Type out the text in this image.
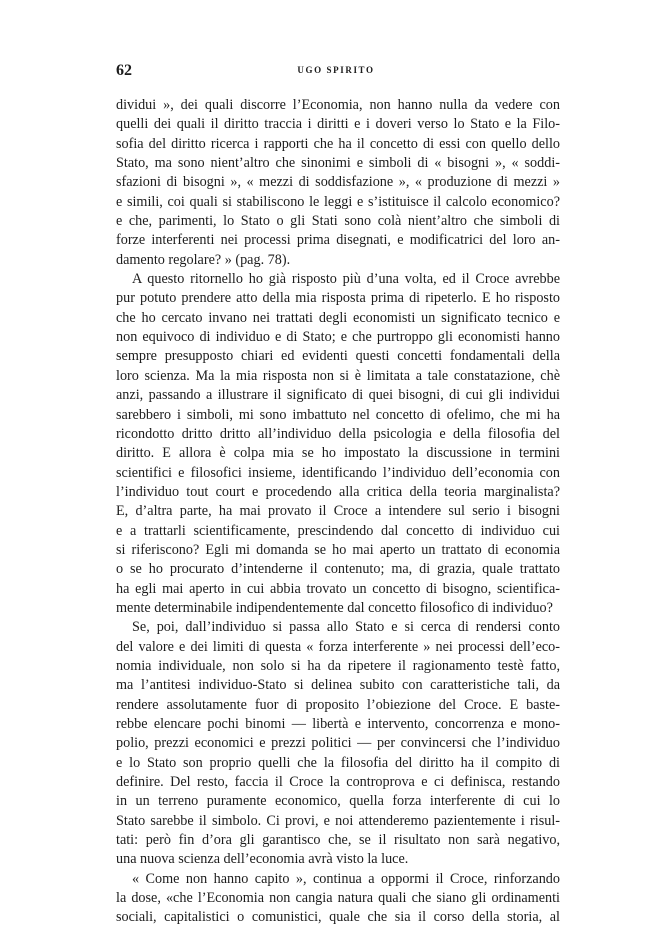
62	UGO SPIRITO
dividui », dei quali discorre l’Economia, non hanno nulla da vedere con
quelli dei quali il diritto traccia i diritti e i doveri verso lo Stato e la Filo-
sofia del diritto ricerca i rapporti che ha il concetto di essi con quello dello
Stato, ma sono nient’altro che sinonimi e simboli di « bisogni », « soddi-
sfazioni di bisogni », « mezzi di soddisfazione », « produzione di mezzi »
e simili, coi quali si stabiliscono le leggi e s’istituisce il calcolo economico?
e che, parimenti, lo Stato o gli Stati sono colà nient’altro che simboli di
forze interferenti nei processi prima disegnati, e modificatrici del loro an-
damento regolare? » (pag. 78).
A questo ritornello ho già risposto più d’una volta, ed il Croce avrebbe
pur potuto prendere atto della mia risposta prima di ripeterlo. E ho risposto
che ho cercato invano nei trattati degli economisti un significato tecnico e
non equivoco di individuo e di Stato; e che purtroppo gli economisti hanno
sempre presupposto chiari ed evidenti questi concetti fondamentali della
loro scienza. Ma la mia risposta non si è limitata a tale constatazione, chè
anzi, passando a illustrare il significato di quei bisogni, di cui gli individui
sarebbero i simboli, mi sono imbattuto nel concetto di ofelimo, che mi ha
ricondotto dritto dritto all’individuo della psicologia e della filosofia del
diritto. E allora è colpa mia se ho impostato la discussione in termini
scientifici e filosofici insieme, identificando l’individuo dell’economia con
l’individuo tout court e procedendo alla critica della teoria marginalista?
E, d’altra parte, ha mai provato il Croce a intendere sul serio i bisogni
e a trattarli scientificamente, prescindendo dal concetto di individuo cui
si riferiscono? Egli mi domanda se ho mai aperto un trattato di economia
o se ho procurato d’intenderne il contenuto; ma, di grazia, quale trattato
ha egli mai aperto in cui abbia trovato un concetto di bisogno, scientifica-
mente determinabile indipendentemente dal concetto filosofico di individuo?
Se, poi, dall’individuo si passa allo Stato e si cerca di rendersi conto
del valore e dei limiti di questa « forza interferente » nei processi dell’eco-
nomia individuale, non solo si ha da ripetere il ragionamento testè fatto,
ma l’antitesi individuo-Stato si delinea subito con caratteristiche tali, da
rendere assolutamente fuor di proposito l’obiezione del Croce. E baste-
rebbe elencare pochi binomi — libertà e intervento, concorrenza e mono-
polio, prezzi economici e prezzi politici — per convincersi che l’individuo
e lo Stato son proprio quelli che la filosofia del diritto ha il compito di
definire. Del resto, faccia il Croce la controprova e ci definisca, restando
in un terreno puramente economico, quella forza interferente di cui lo
Stato sarebbe il simbolo. Ci provi, e noi attenderemo pazientemente i risul-
tati: però fin d’ora gli garantisco che, se il risultato non sarà negativo,
una nuova scienza dell’economia avrà visto la luce.
« Come non hanno capito », continua a oppormi il Croce, rinforzando
la dose, «che l’Economia non cangia natura quali che siano gli ordinamenti
sociali, capitalistici o comunistici, quale che sia il corso della storia, al
